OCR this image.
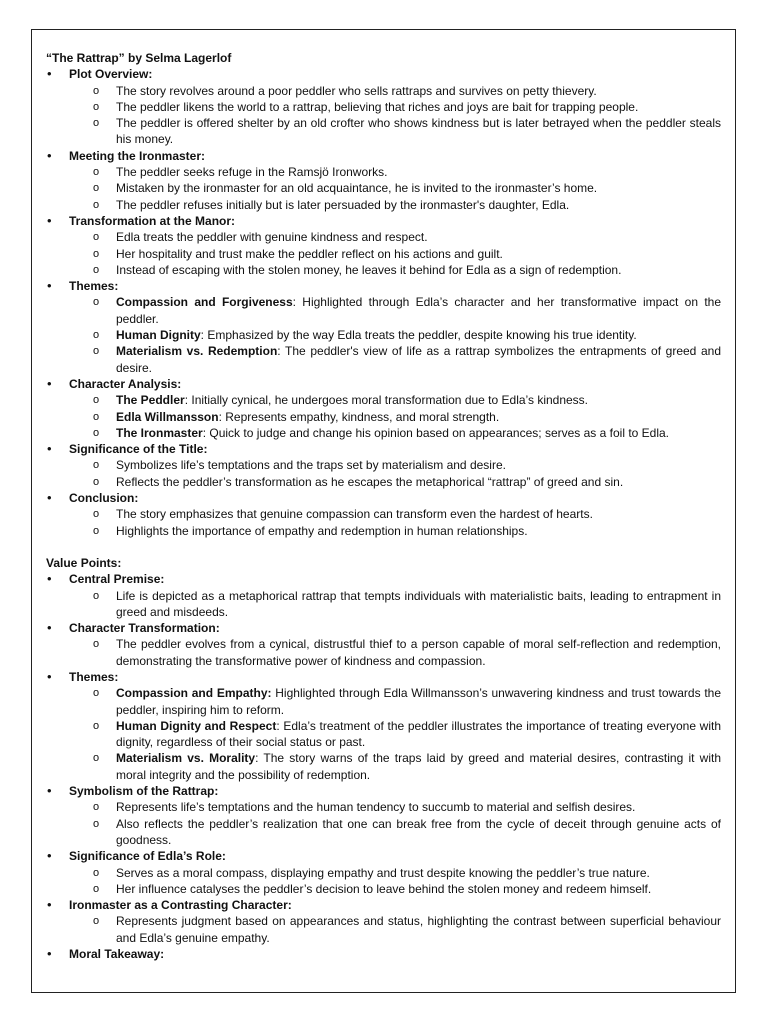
“The Rattrap” by Selma Lagerlof
• Plot Overview:
o The story revolves around a poor peddler who sells rattraps and survives on petty thievery.
o The peddler likens the world to a rattrap, believing that riches and joys are bait for trapping people.
o The peddler is offered shelter by an old crofter who shows kindness but is later betrayed when the peddler steals his money.
• Meeting the Ironmaster:
o The peddler seeks refuge in the Ramsjö Ironworks.
o Mistaken by the ironmaster for an old acquaintance, he is invited to the ironmaster’s home.
o The peddler refuses initially but is later persuaded by the ironmaster's daughter, Edla.
• Transformation at the Manor:
o Edla treats the peddler with genuine kindness and respect.
o Her hospitality and trust make the peddler reflect on his actions and guilt.
o Instead of escaping with the stolen money, he leaves it behind for Edla as a sign of redemption.
• Themes:
o Compassion and Forgiveness: Highlighted through Edla’s character and her transformative impact on the peddler.
o Human Dignity: Emphasized by the way Edla treats the peddler, despite knowing his true identity.
o Materialism vs. Redemption: The peddler's view of life as a rattrap symbolizes the entrapments of greed and desire.
• Character Analysis:
o The Peddler: Initially cynical, he undergoes moral transformation due to Edla’s kindness.
o Edla Willmansson: Represents empathy, kindness, and moral strength.
o The Ironmaster: Quick to judge and change his opinion based on appearances; serves as a foil to Edla.
• Significance of the Title:
o Symbolizes life’s temptations and the traps set by materialism and desire.
o Reflects the peddler’s transformation as he escapes the metaphorical “rattrap” of greed and sin.
• Conclusion:
o The story emphasizes that genuine compassion can transform even the hardest of hearts.
o Highlights the importance of empathy and redemption in human relationships.
Value Points:
• Central Premise:
o Life is depicted as a metaphorical rattrap that tempts individuals with materialistic baits, leading to entrapment in greed and misdeeds.
• Character Transformation:
o The peddler evolves from a cynical, distrustful thief to a person capable of moral self-reflection and redemption, demonstrating the transformative power of kindness and compassion.
• Themes:
o Compassion and Empathy: Highlighted through Edla Willmansson’s unwavering kindness and trust towards the peddler, inspiring him to reform.
o Human Dignity and Respect: Edla’s treatment of the peddler illustrates the importance of treating everyone with dignity, regardless of their social status or past.
o Materialism vs. Morality: The story warns of the traps laid by greed and material desires, contrasting it with moral integrity and the possibility of redemption.
• Symbolism of the Rattrap:
o Represents life’s temptations and the human tendency to succumb to material and selfish desires.
o Also reflects the peddler’s realization that one can break free from the cycle of deceit through genuine acts of goodness.
• Significance of Edla’s Role:
o Serves as a moral compass, displaying empathy and trust despite knowing the peddler’s true nature.
o Her influence catalyses the peddler’s decision to leave behind the stolen money and redeem himself.
• Ironmaster as a Contrasting Character:
o Represents judgment based on appearances and status, highlighting the contrast between superficial behaviour and Edla’s genuine empathy.
• Moral Takeaway:
